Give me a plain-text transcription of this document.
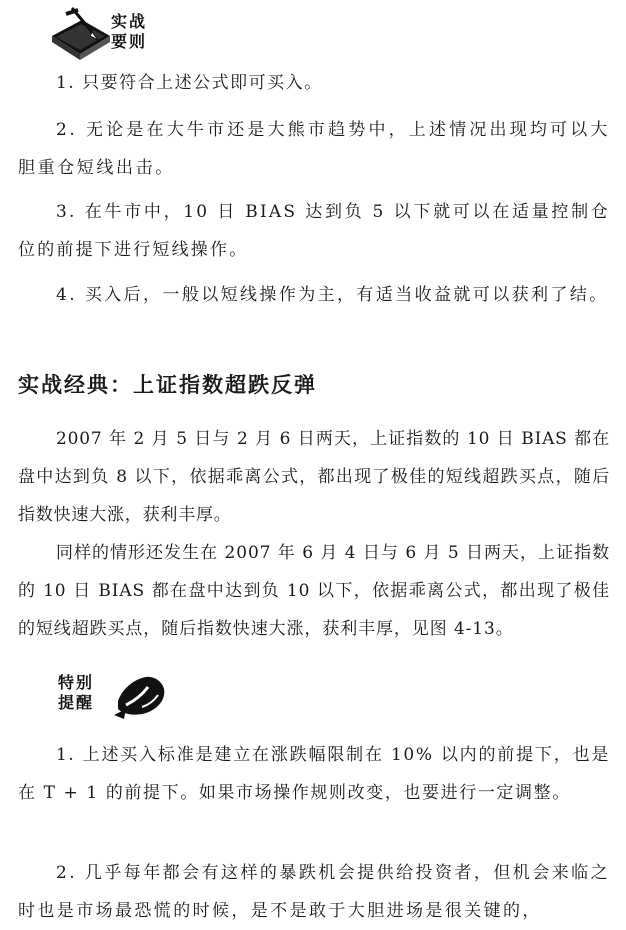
实战
要则
1. 只要符合上述公式即可买入。
2. 无论是在大牛市还是大熊市趋势中，上述情况出现均可以大胆重仓短线出击。
3. 在牛市中，10 日 BIAS 达到负 5 以下就可以在适量控制仓位的前提下进行短线操作。
4. 买入后，一般以短线操作为主，有适当收益就可以获利了结。
实战经典：上证指数超跌反弹
2007 年 2 月 5 日与 2 月 6 日两天，上证指数的 10 日 BIAS 都在盘中达到负 8 以下，依据乖离公式，都出现了极佳的短线超跌买点，随后指数快速大涨，获利丰厚。
同样的情形还发生在 2007 年 6 月 4 日与 6 月 5 日两天，上证指数的 10 日 BIAS 都在盘中达到负 10 以下，依据乖离公式，都出现了极佳的短线超跌买点，随后指数快速大涨，获利丰厚，见图 4-13。
特别
提醒
1. 上述买入标准是建立在涨跌幅限制在 10% 以内的前提下，也是在 T + 1 的前提下。如果市场操作规则改变，也要进行一定调整。
2. 几乎每年都会有这样的暴跌机会提供给投资者，但机会来临之时也是市场最恐慌的时候，是不是敢于大胆进场是很关键的，
